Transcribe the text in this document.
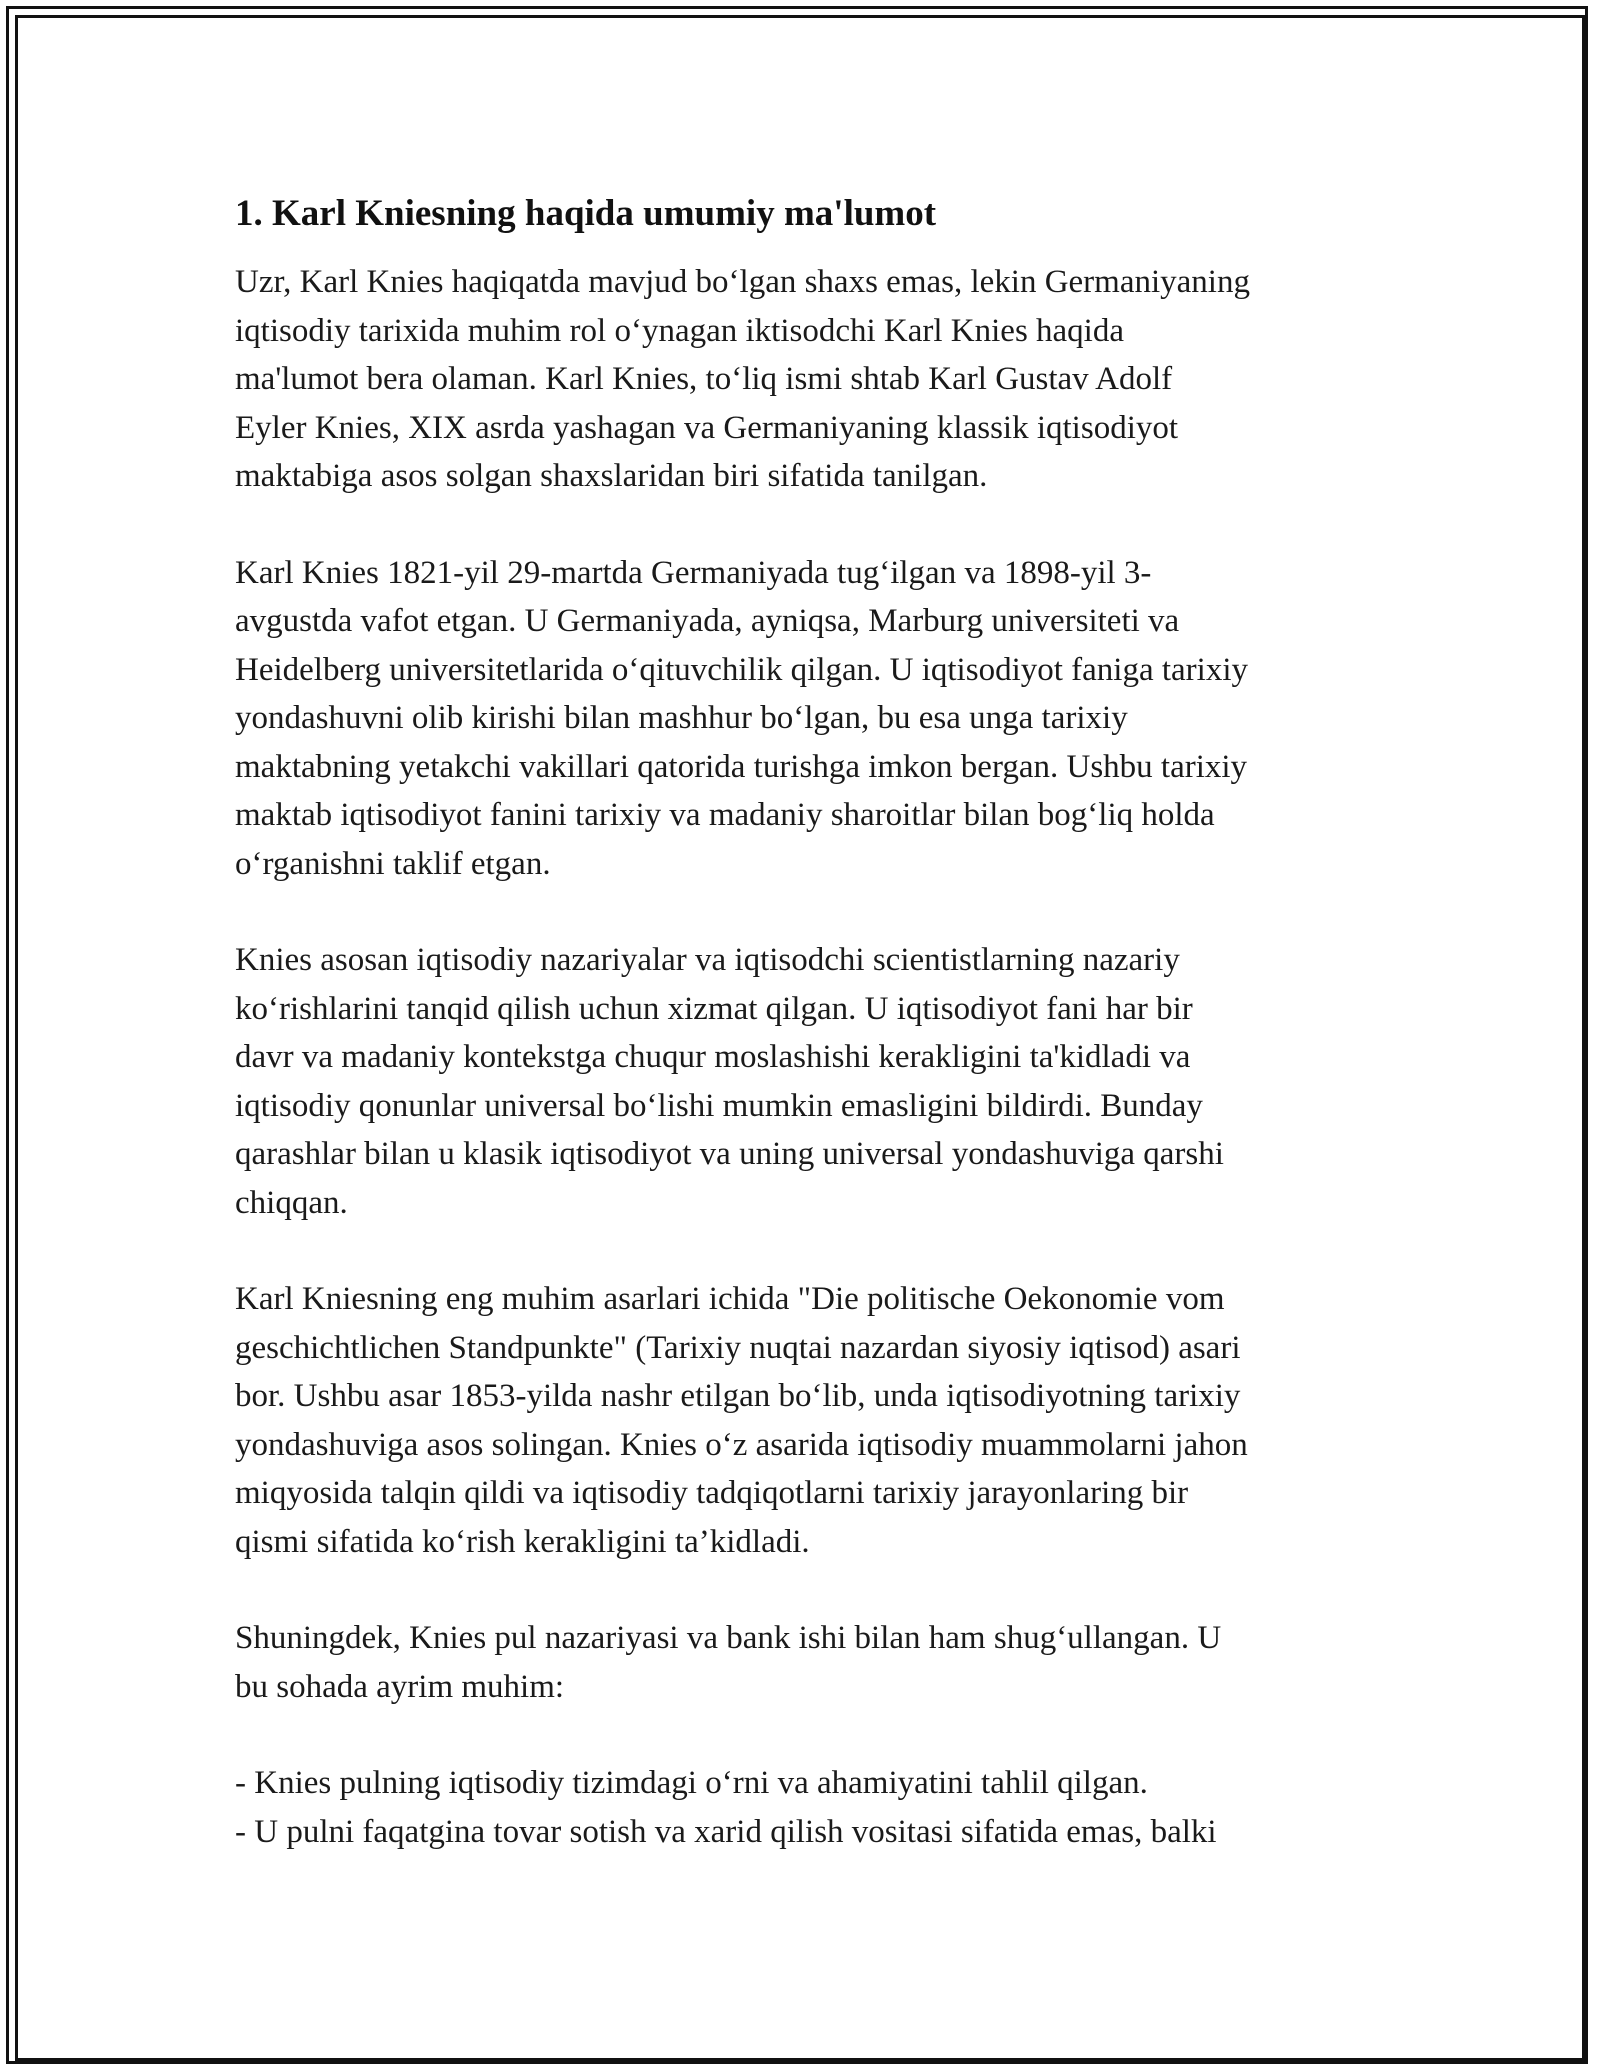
1. Karl Kniesning haqida umumiy ma'lumot

Uzr, Karl Knies haqiqatda mavjud bo‘lgan shaxs emas, lekin Germaniyaning
iqtisodiy tarixida muhim rol o‘ynagan iktisodchi Karl Knies haqida
ma'lumot bera olaman. Karl Knies, to‘liq ismi shtab Karl Gustav Adolf
Eyler Knies, XIX asrda yashagan va Germaniyaning klassik iqtisodiyot
maktabiga asos solgan shaxslaridan biri sifatida tanilgan.

Karl Knies 1821-yil 29-martda Germaniyada tug‘ilgan va 1898-yil 3-
avgustda vafot etgan. U Germaniyada, ayniqsa, Marburg universiteti va
Heidelberg universitetlarida o‘qituvchilik qilgan. U iqtisodiyot faniga tarixiy
yondashuvni olib kirishi bilan mashhur bo‘lgan, bu esa unga tarixiy
maktabning yetakchi vakillari qatorida turishga imkon bergan. Ushbu tarixiy
maktab iqtisodiyot fanini tarixiy va madaniy sharoitlar bilan bog‘liq holda
o‘rganishni taklif etgan.

Knies asosan iqtisodiy nazariyalar va iqtisodchi scientistlarning nazariy
ko‘rishlarini tanqid qilish uchun xizmat qilgan. U iqtisodiyot fani har bir
davr va madaniy kontekstga chuqur moslashishi kerakligini ta'kidladi va
iqtisodiy qonunlar universal bo‘lishi mumkin emasligini bildirdi. Bunday
qarashlar bilan u klasik iqtisodiyot va uning universal yondashuviga qarshi
chiqqan.

Karl Kniesning eng muhim asarlari ichida "Die politische Oekonomie vom
geschichtlichen Standpunkte" (Tarixiy nuqtai nazardan siyosiy iqtisod) asari
bor. Ushbu asar 1853-yilda nashr etilgan bo‘lib, unda iqtisodiyotning tarixiy
yondashuviga asos solingan. Knies o‘z asarida iqtisodiy muammolarni jahon
miqyosida talqin qildi va iqtisodiy tadqiqotlarni tarixiy jarayonlaring bir
qismi sifatida ko‘rish kerakligini ta’kidladi.

Shuningdek, Knies pul nazariyasi va bank ishi bilan ham shug‘ullangan. U
bu sohada ayrim muhim:

- Knies pulning iqtisodiy tizimdagi o‘rni va ahamiyatini tahlil qilgan.
- U pulni faqatgina tovar sotish va xarid qilish vositasi sifatida emas, balki
